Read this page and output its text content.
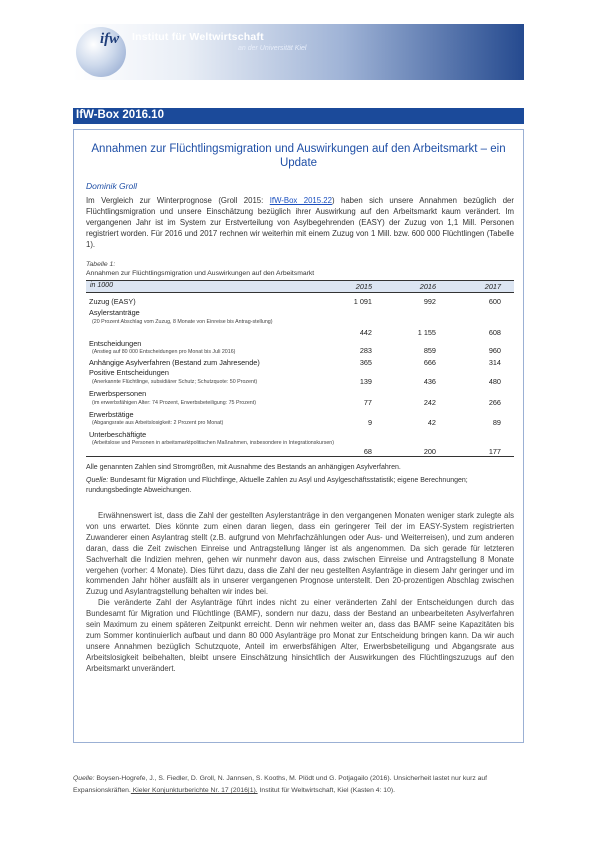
ifw Institut für Weltwirtschaft
an der Universität Kiel
IfW-Box 2016.10
Annahmen zur Flüchtlingsmigration und Auswirkungen auf den Arbeitsmarkt – ein Update
Dominik Groll
Im Vergleich zur Winterprognose (Groll 2015: IfW-Box 2015.22) haben sich unsere Annahmen bezüglich der Flüchtlingsmigration und unsere Einschätzung bezüglich ihrer Auswirkung auf den Arbeitsmarkt kaum verändert. Im vergangenen Jahr ist im System zur Erstverteilung von Asylbegehrenden (EASY) der Zuzug von 1,1 Mill. Personen registriert worden. Für 2016 und 2017 rechnen wir weiterhin mit einem Zuzug von 1 Mill. bzw. 600 000 Flüchtlingen (Tabelle 1).
Tabelle 1:
Annahmen zur Flüchtlingsmigration und Auswirkungen auf den Arbeitsmarkt
in 1000	2015	2016	2017
Zuzug (EASY)	1 091	992	600
Asylerstanträge
(20 Prozent Abschlag vom Zuzug, 8 Monate von Einreise bis Antrag-stellung)
442	1 155	608
Entscheidungen
(Anstieg auf 80 000 Entscheidungen pro Monat bis Juli 2016)	283	859	960
Anhängige Asylverfahren (Bestand zum Jahresende)	365	666	314
Positive Entscheidungen
(Anerkannte Flüchtlinge, subsidiärer Schutz; Schutzquote: 50 Prozent)	139	436	480
Erwerbspersonen
(im erwerbsfähigen Alter: 74 Prozent, Erwerbsbeteiligung: 75 Prozent)	77	242	266
Erwerbstätige
(Abgangsrate aus Arbeitslosigkeit: 2 Prozent pro Monat)	9	42	89
Unterbeschäftigte
(Arbeitslose und Personen in arbeitsmarktpolitischen Maßnahmen, insbesondere in Integrationskursen)
68	200	177
Alle genannten Zahlen sind Stromgrößen, mit Ausnahme des Bestands an anhängigen Asylverfahren.
Quelle: Bundesamt für Migration und Flüchtlinge, Aktuelle Zahlen zu Asyl und Asylgeschäftsstatistik; eigene Berechnungen; rundungsbedingte Abweichungen.

Erwähnenswert ist, dass die Zahl der gestellten Asylerstanträge in den vergangenen Monaten weniger stark zulegte als von uns erwartet. Dies könnte zum einen daran liegen, dass ein geringerer Teil der im EASY-System registrierten Zuwanderer einen Asylantrag stellt (z.B. aufgrund von Mehrfachzählungen oder Aus- und Weiterreisen), und zum anderen daran, dass die Zeit zwischen Einreise und Antragstellung länger ist als angenommen. Da sich gerade für letzteren Sachverhalt die Indizien mehren, gehen wir nunmehr davon aus, dass zwischen Einreise und Antragstellung 8 Monate vergehen (vorher: 4 Monate). Dies führt dazu, dass die Zahl der neu gestellten Asylanträge in diesem Jahr geringer und im kommenden Jahr höher ausfällt als in unserer vergangenen Prognose unterstellt. Den 20-prozentigen Abschlag zwischen Zuzug und Asylantragstellung behalten wir indes bei.

Die veränderte Zahl der Asylanträge führt indes nicht zu einer veränderten Zahl der Entscheidungen durch das Bundesamt für Migration und Flüchtlinge (BAMF), sondern nur dazu, dass der Bestand an unbearbeiteten Asylverfahren sein Maximum zu einem späteren Zeitpunkt erreicht. Denn wir nehmen weiter an, dass das BAMF seine Kapazitäten bis zum Sommer kontinuierlich aufbaut und dann 80 000 Asylanträge pro Monat zur Entscheidung bringen kann. Da wir auch unsere Annahmen bezüglich Schutzquote, Anteil im erwerbsfähigen Alter, Erwerbsbeteiligung und Abgangsrate aus Arbeitslosigkeit beibehalten, bleibt unsere Einschätzung hinsichtlich der Auswirkungen des Flüchtlingszuzugs auf den Arbeitsmarkt unverändert.

Quelle: Boysen-Hogrefe, J., S. Fiedler, D. Groll, N. Jannsen, S. Kooths, M. Plödt und G. Potjagailo (2016). Unsicherheit lastet nur kurz auf Expansionskräften. Kieler Konjunkturberichte Nr. 17 (2016|1). Institut für Weltwirtschaft, Kiel (Kasten 4: 10).
